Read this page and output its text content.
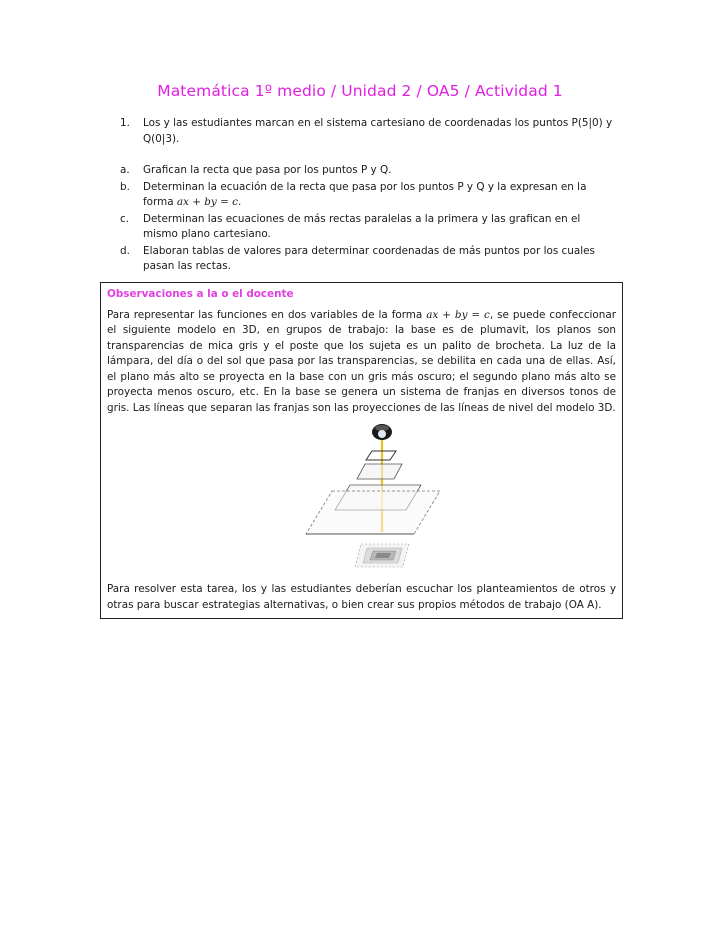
Matemática 1º medio / Unidad 2 / OA5 / Actividad 1
1.	Los y las estudiantes marcan en el sistema cartesiano de coordenadas los puntos P(5|0) y Q(0|3).
a.	Grafican la recta que pasa por los puntos P y Q.
b.	Determinan la ecuación de la recta que pasa por los puntos P y Q y la expresan en la forma ax + by = c.
c.	Determinan las ecuaciones de más rectas paralelas a la primera y las grafican en el mismo plano cartesiano.
d.	Elaboran tablas de valores para determinar coordenadas de más puntos por los cuales pasan las rectas.
Observaciones a la o el docente
Para representar las funciones en dos variables de la forma ax + by = c, se puede confeccionar el siguiente modelo en 3D, en grupos de trabajo: la base es de plumavit, los planos son transparencias de mica gris y el poste que los sujeta es un palito de brocheta. La luz de la lámpara, del día o del sol que pasa por las transparencias, se debilita en cada una de ellas. Así, el plano más alto se proyecta en la base con un gris más oscuro; el segundo plano más alto se proyecta menos oscuro, etc. En la base se genera un sistema de franjas en diversos tonos de gris. Las líneas que separan las franjas son las proyecciones de las líneas de nivel del modelo 3D.
Para resolver esta tarea, los y las estudiantes deberían escuchar los planteamientos de otros y otras para buscar estrategias alternativas, o bien crear sus propios métodos de trabajo (OA A).
